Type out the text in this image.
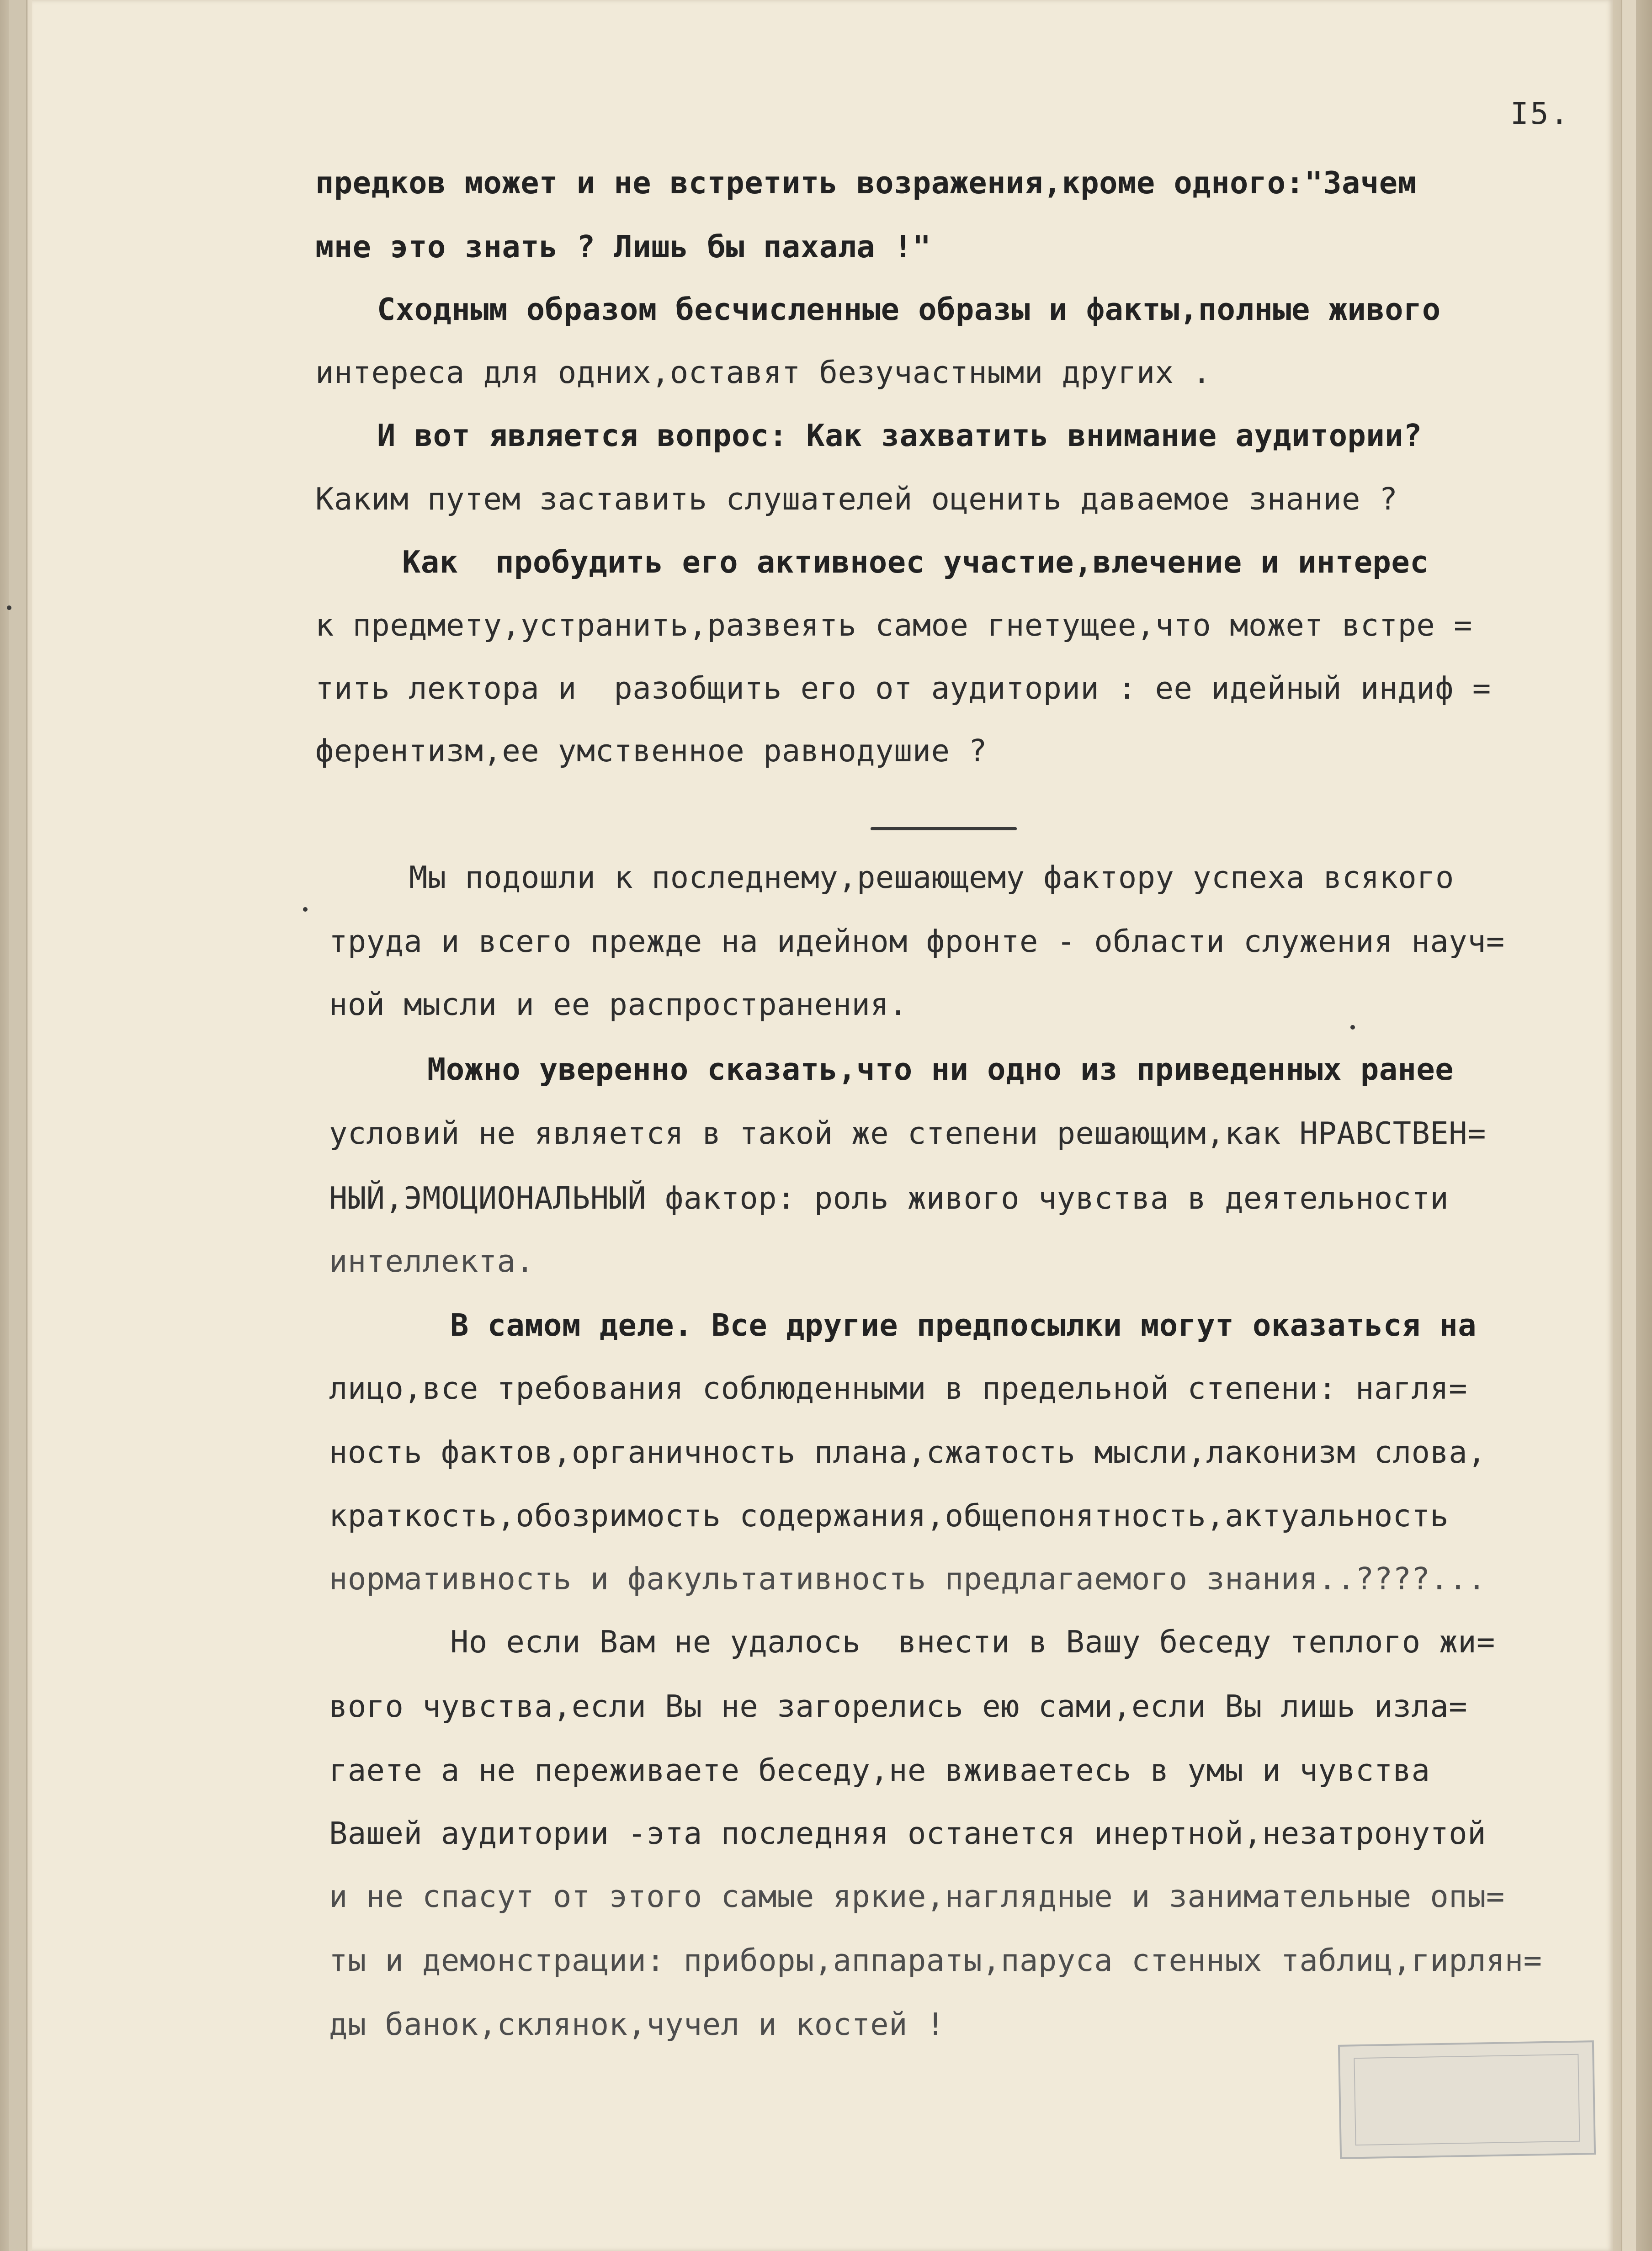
I5.
предков может и не встретить возражения,кроме одного:"Зачем
мне это знать ? Лишь бы пахала !"
Сходным образом бесчисленные образы и факты,полные живого
интереса для одних,оставят безучастными других .
И вот является вопрос: Как захватить внимание аудитории?
Каким путем заставить слушателей оценить даваемое знание ?
Как  пробудить его активноес участие,влечение и интерес
к предмету,устранить,развеять самое гнетущее,что может встре =
тить лектора и  разобщить его от аудитории : ее идейный индиф =
ферентизм,ее умственное равнодушие ?
Мы подошли к последнему,решающему фактору успеха всякого
труда и всего прежде на идейном фронте - области служения науч=
ной мысли и ее распространения.
Можно уверенно сказать,что ни одно из приведенных ранее
условий не является в такой же степени решающим,как НРАВСТВЕН=
НЫЙ,ЭМОЦИОНАЛЬНЫЙ фактор: роль живого чувства в деятельности
интеллекта.
В самом деле. Все другие предпосылки могут оказаться на
лицо,все требования соблюденными в предельной степени: нагля=
ность фактов,органичность плана,сжатость мысли,лаконизм слова,
краткость,обозримость содержания,общепонятность,актуальность
нормативность и факультативность предлагаемого знания..????...
Но если Вам не удалось  внести в Вашу беседу теплого жи=
вого чувства,если Вы не загорелись ею сами,если Вы лишь изла=
гаете а не переживаете беседу,не вживаетесь в умы и чувства
Вашей аудитории -эта последняя останется инертной,незатронутой
и не спасут от этого самые яркие,наглядные и занимательные опы=
ты и демонстрации: приборы,аппараты,паруса стенных таблиц,гирлян=
ды банок,склянок,чучел и костей !
